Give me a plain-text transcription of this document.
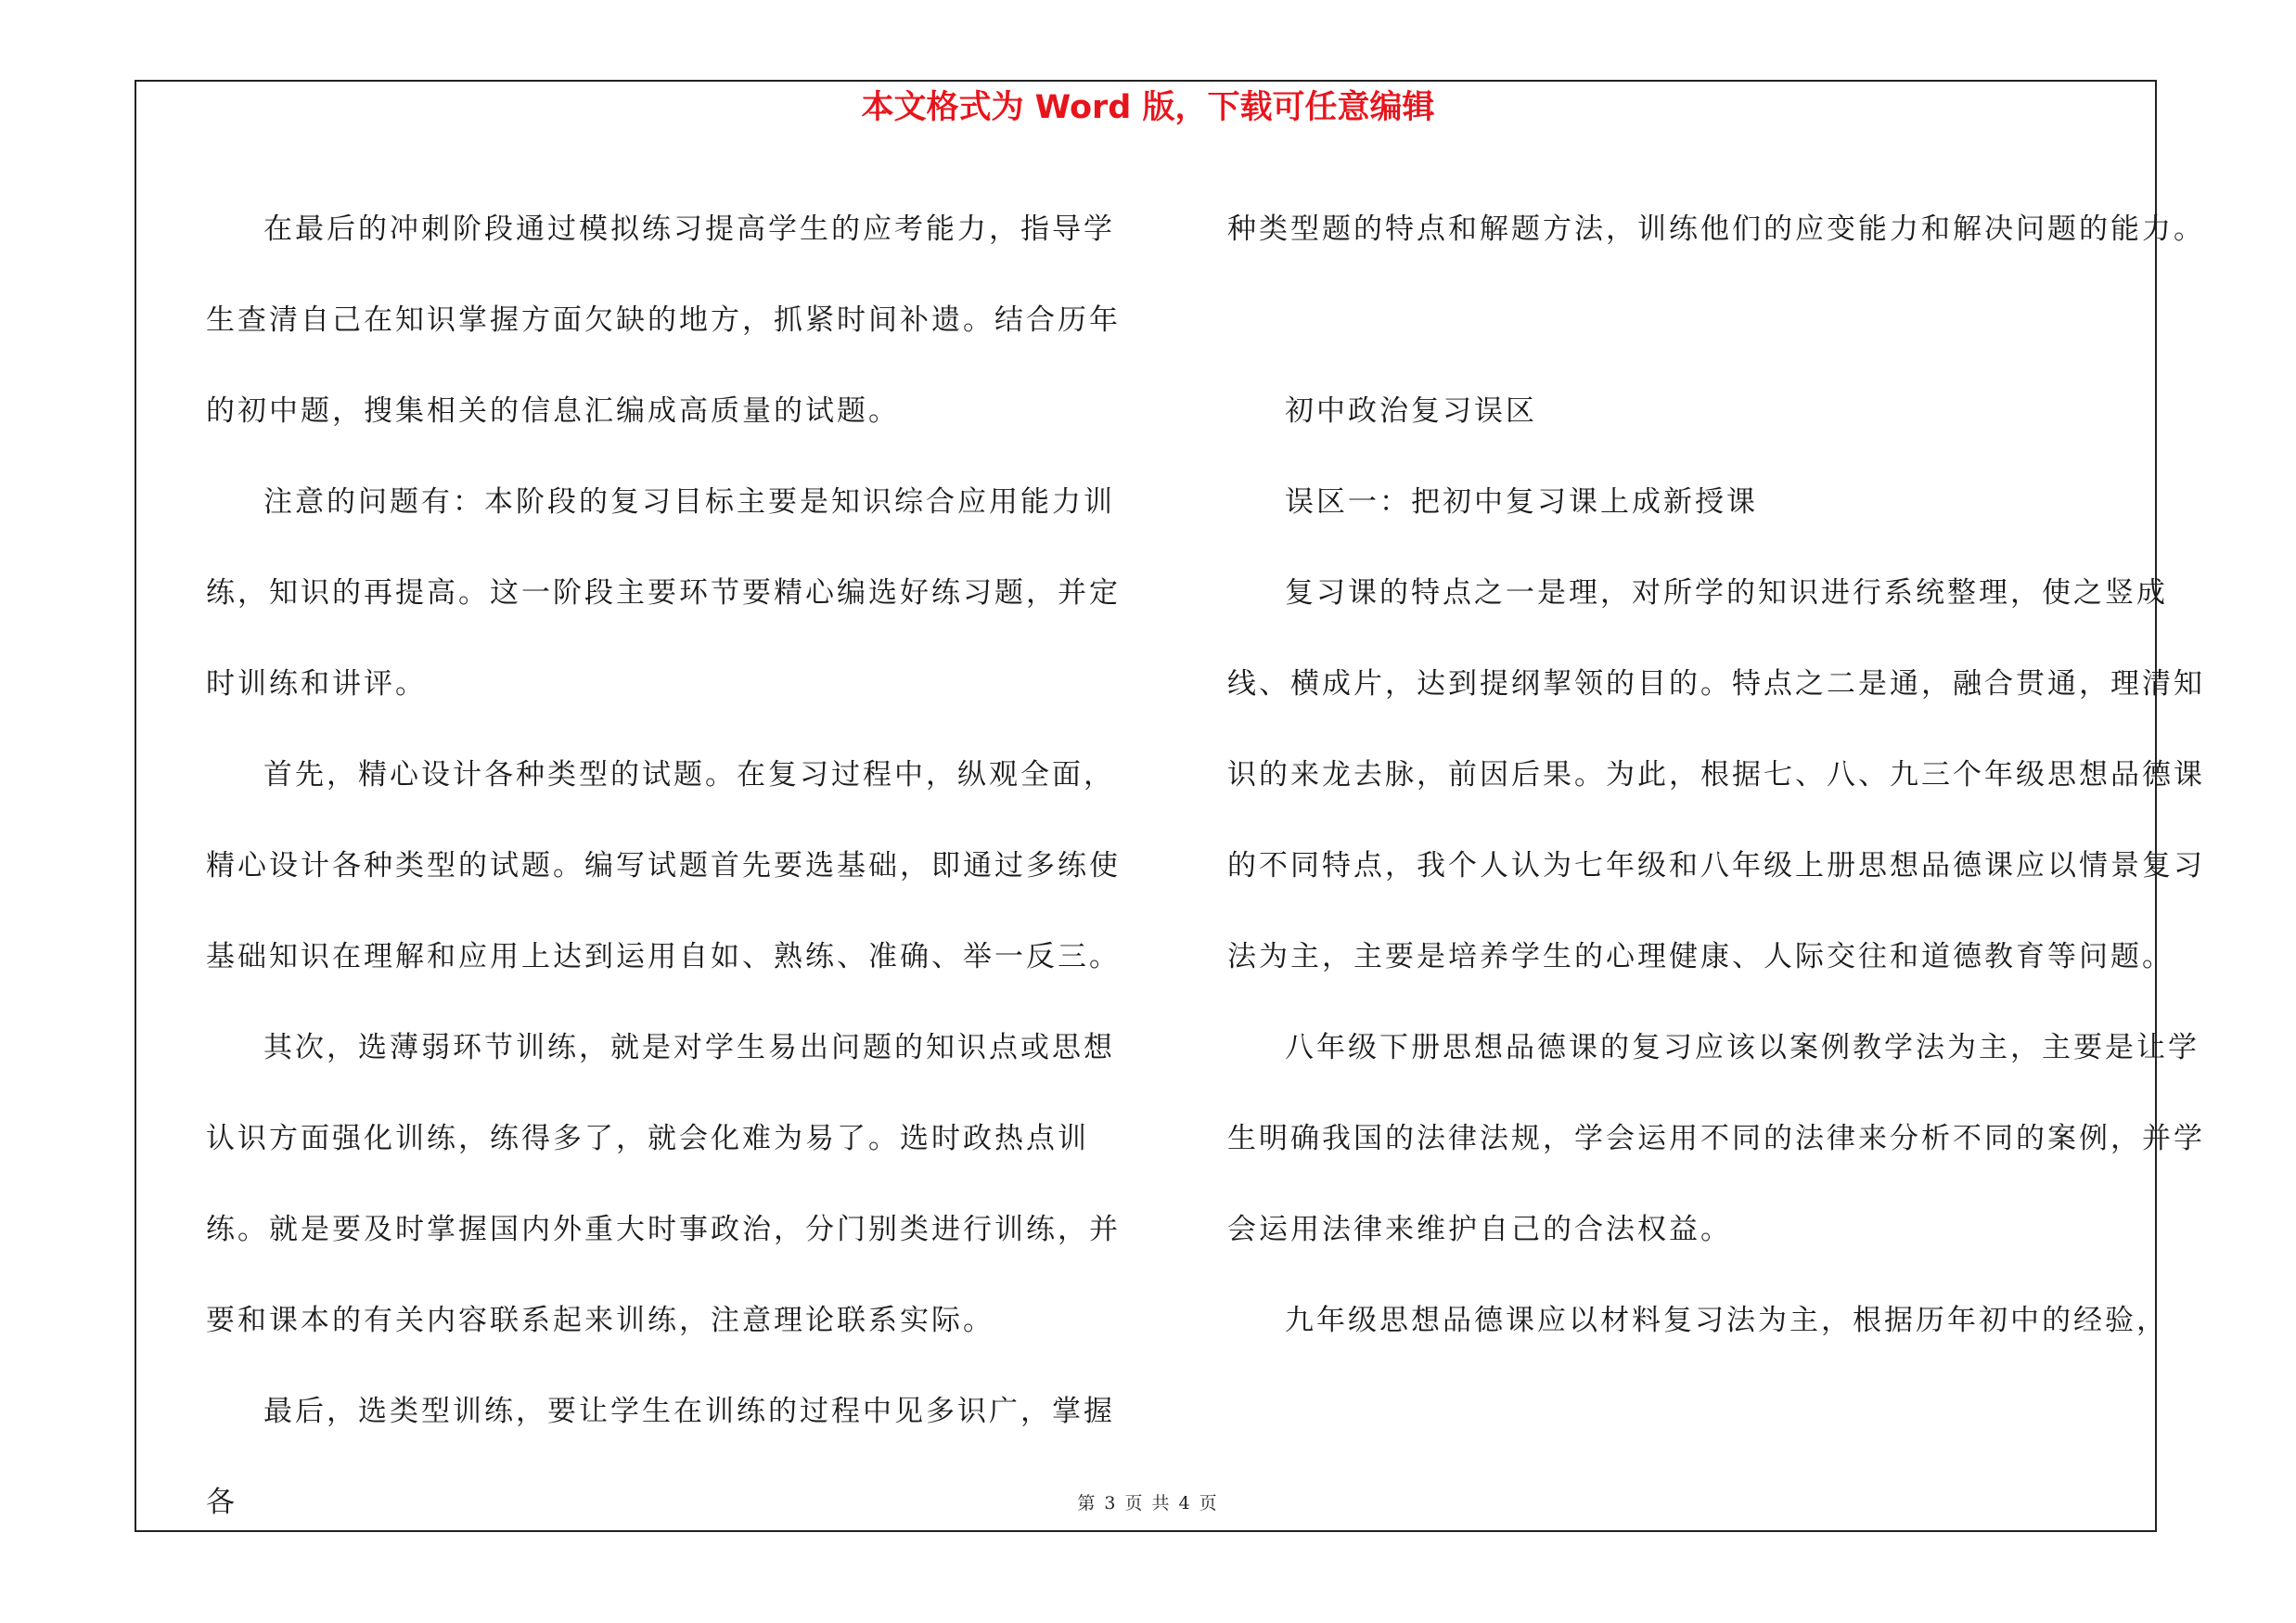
本文格式为 Word 版，下载可任意编辑

在最后的冲刺阶段通过模拟练习提高学生的应考能力，指导学生查清自己在知识掌握方面欠缺的地方，抓紧时间补遗。结合历年的初中题，搜集相关的信息汇编成高质量的试题。

注意的问题有：本阶段的复习目标主要是知识综合应用能力训练，知识的再提高。这一阶段主要环节要精心编选好练习题，并定时训练和讲评。

首先，精心设计各种类型的试题。在复习过程中，纵观全面，精心设计各种类型的试题。编写试题首先要选基础，即通过多练使基础知识在理解和应用上达到运用自如、熟练、准确、举一反三。

其次，选薄弱环节训练，就是对学生易出问题的知识点或思想认识方面强化训练，练得多了，就会化难为易了。选时政热点训练。就是要及时掌握国内外重大时事政治，分门别类进行训练，并要和课本的有关内容联系起来训练，注意理论联系实际。

最后，选类型训练，要让学生在训练的过程中见多识广，掌握各

种类型题的特点和解题方法，训练他们的应变能力和解决问题的能力。

初中政治复习误区

误区一：把初中复习课上成新授课

复习课的特点之一是理，对所学的知识进行系统整理，使之竖成线、横成片，达到提纲挈领的目的。特点之二是通，融合贯通，理清知识的来龙去脉，前因后果。为此，根据七、八、九三个年级思想品德课的不同特点，我个人认为七年级和八年级上册思想品德课应以情景复习法为主，主要是培养学生的心理健康、人际交往和道德教育等问题。

八年级下册思想品德课的复习应该以案例教学法为主，主要是让学生明确我国的法律法规，学会运用不同的法律来分析不同的案例，并学会运用法律来维护自己的合法权益。

九年级思想品德课应以材料复习法为主，根据历年初中的经验，

第 3 页 共 4 页
